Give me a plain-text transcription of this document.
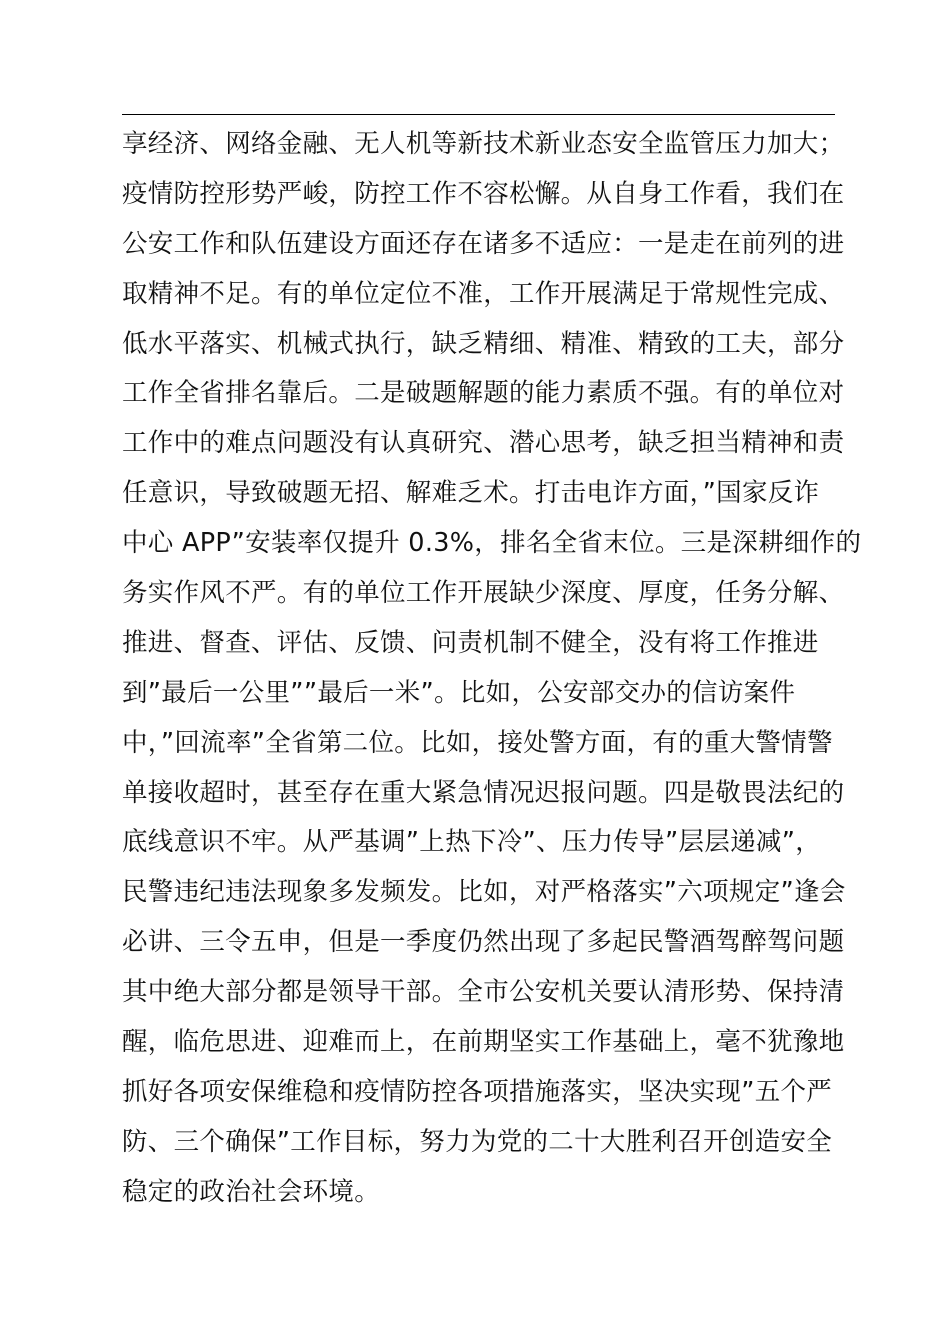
享经济、网络金融、无人机等新技术新业态安全监管压力加大；
疫情防控形势严峻，防控工作不容松懈。从自身工作看，我们在
公安工作和队伍建设方面还存在诸多不适应：一是走在前列的进
取精神不足。有的单位定位不准，工作开展满足于常规性完成、
低水平落实、机械式执行，缺乏精细、精准、精致的工夫，部分
工作全省排名靠后。二是破题解题的能力素质不强。有的单位对
工作中的难点问题没有认真研究、潜心思考，缺乏担当精神和责
任意识，导致破题无招、解难乏术。打击电诈方面，”国家反诈
中心 APP”安装率仅提升 0.3%，排名全省末位。三是深耕细作的
务实作风不严。有的单位工作开展缺少深度、厚度，任务分解、
推进、督查、评估、反馈、问责机制不健全，没有将工作推进
到”最后一公里””最后一米”。比如，公安部交办的信访案件
中，”回流率”全省第二位。比如，接处警方面，有的重大警情警
单接收超时，甚至存在重大紧急情况迟报问题。四是敬畏法纪的
底线意识不牢。从严基调”上热下冷”、压力传导”层层递减”，
民警违纪违法现象多发频发。比如，对严格落实”六项规定”逢会
必讲、三令五申，但是一季度仍然出现了多起民警酒驾醉驾问题
其中绝大部分都是领导干部。全市公安机关要认清形势、保持清
醒，临危思进、迎难而上，在前期坚实工作基础上，毫不犹豫地
抓好各项安保维稳和疫情防控各项措施落实，坚决实现”五个严
防、三个确保”工作目标，努力为党的二十大胜利召开创造安全
稳定的政治社会环境。
